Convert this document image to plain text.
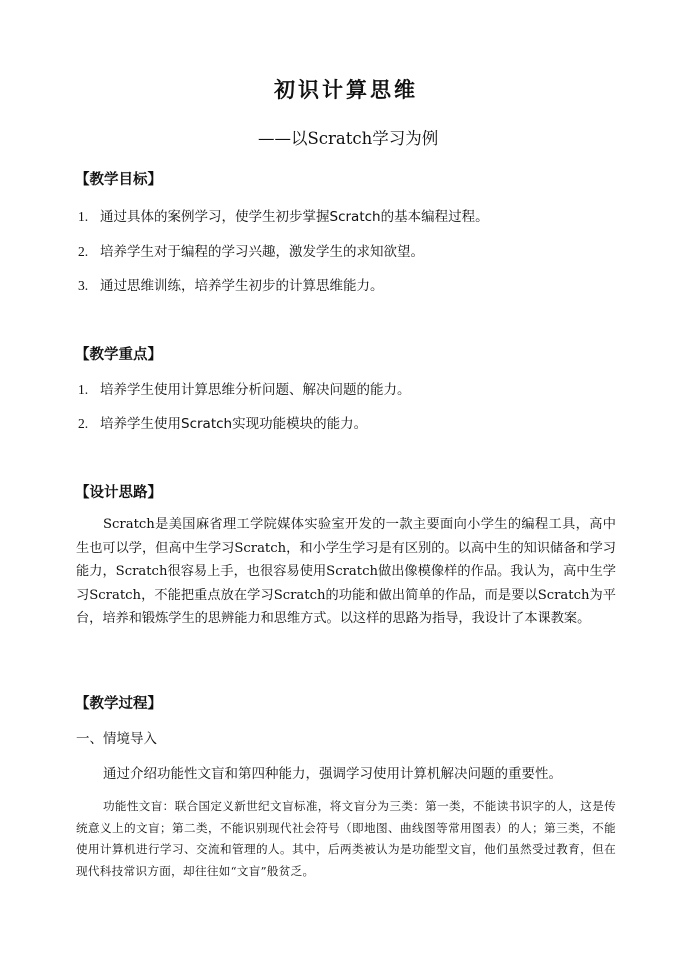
初识计算思维
——以Scratch学习为例
【教学目标】
1. 通过具体的案例学习，使学生初步掌握Scratch的基本编程过程。
2. 培养学生对于编程的学习兴趣，激发学生的求知欲望。
3. 通过思维训练，培养学生初步的计算思维能力。
【教学重点】
1. 培养学生使用计算思维分析问题、解决问题的能力。
2. 培养学生使用Scratch实现功能模块的能力。
【设计思路】
Scratch是美国麻省理工学院媒体实验室开发的一款主要面向小学生的编程工具，高中生也可以学，但高中生学习Scratch，和小学生学习是有区别的。以高中生的知识储备和学习能力，Scratch很容易上手，也很容易使用Scratch做出像模像样的作品。我认为，高中生学习Scratch，不能把重点放在学习Scratch的功能和做出简单的作品，而是要以Scratch为平台，培养和锻炼学生的思辨能力和思维方式。以这样的思路为指导，我设计了本课教案。
【教学过程】
一、情境导入
通过介绍功能性文盲和第四种能力，强调学习使用计算机解决问题的重要性。
功能性文盲：联合国定义新世纪文盲标准，将文盲分为三类：第一类，不能读书识字的人，这是传统意义上的文盲；第二类，不能识别现代社会符号（即地图、曲线图等常用图表）的人；第三类，不能使用计算机进行学习、交流和管理的人。其中，后两类被认为是功能型文盲，他们虽然受过教育，但在现代科技常识方面，却往往如“文盲”般贫乏。
